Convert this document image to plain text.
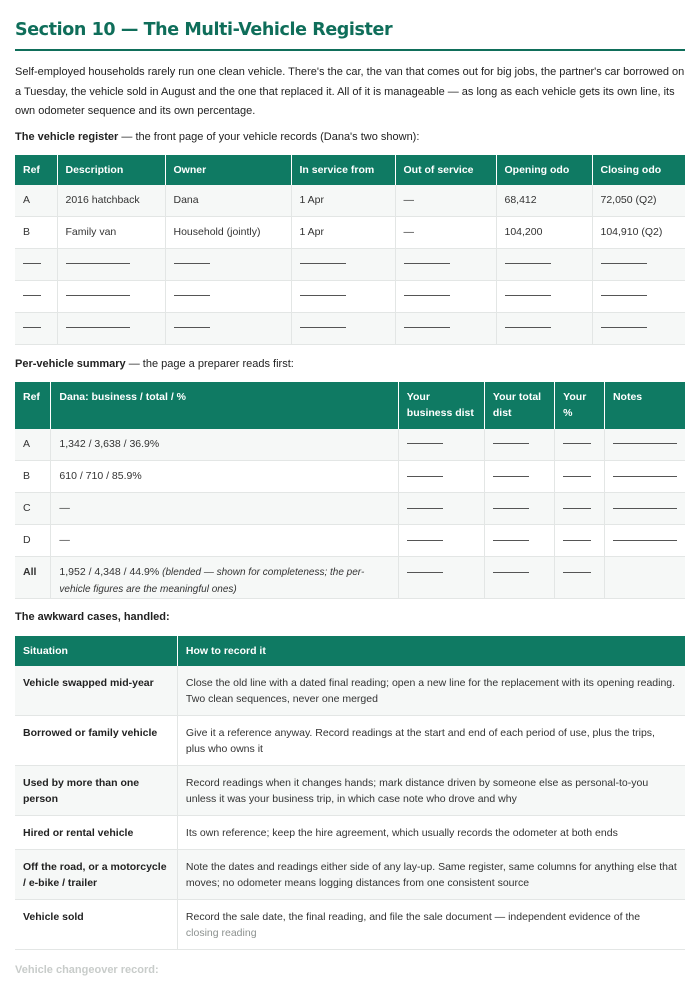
Section 10 — The Multi-Vehicle Register

Self-employed households rarely run one clean vehicle. There's the car, the van that comes out for big jobs, the partner's car borrowed on a Tuesday, the vehicle sold in August and the one that replaced it. All of it is manageable — as long as each vehicle gets its own line, its own odometer sequence and its own percentage.

The vehicle register — the front page of your vehicle records (Dana's two shown):

Ref	Description	Owner	In service from	Out of service	Opening odo	Closing odo
A	2016 hatchback	Dana	1 Apr	—	68,412	72,050 (Q2)
B	Family van	Household (jointly)	1 Apr	—	104,200	104,910 (Q2)

Per-vehicle summary — the page a preparer reads first:

Ref	Dana: business / total / %	Your business dist	Your total dist	Your %	Notes
A	1,342 / 3,638 / 36.9%				
B	610 / 710 / 85.9%				
C	—				
D	—				
All	1,952 / 4,348 / 44.9% (blended — shown for completeness; the per-vehicle figures are the meaningful ones)				

The awkward cases, handled:

Situation	How to record it
Vehicle swapped mid-year	Close the old line with a dated final reading; open a new line for the replacement with its opening reading. Two clean sequences, never one merged
Borrowed or family vehicle	Give it a reference anyway. Record readings at the start and end of each period of use, plus the trips, plus who owns it
Used by more than one person	Record readings when it changes hands; mark distance driven by someone else as personal-to-you unless it was your business trip, in which case note who drove and why
Hired or rental vehicle	Its own reference; keep the hire agreement, which usually records the odometer at both ends
Off the road, or a motorcycle / e-bike / trailer	Note the dates and readings either side of any lay-up. Same register, same columns for anything else that moves; no odometer means logging distances from one consistent source
Vehicle sold	Record the sale date, the final reading, and file the sale document — independent evidence of the
closing reading
Vehicle changeover record:
